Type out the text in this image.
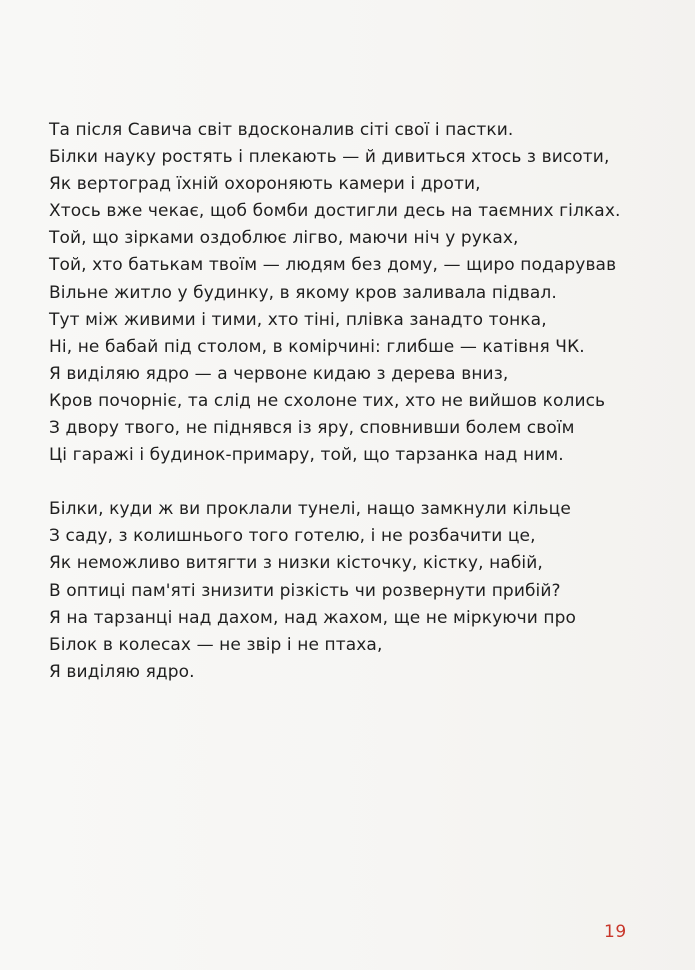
Та після Савича світ вдосконалив сіті свої і пастки.
Білки науку ростять і плекають — й дивиться хтось з висоти,
Як вертоград їхній охороняють камери і дроти,
Хтось вже чекає, щоб бомби достигли десь на таємних гілках.
Той, що зірками оздоблює лігво, маючи ніч у руках,
Той, хто батькам твоїм — людям без дому, — щиро подарував
Вільне житло у будинку, в якому кров заливала підвал.
Тут між живими і тими, хто тіні, плівка занадто тонка,
Ні, не бабай під столом, в комірчині: глибше — катівня ЧК.
Я виділяю ядро — а червоне кидаю з дерева вниз,
Кров почорніє, та слід не схолоне тих, хто не вийшов колись
З двору твого, не піднявся із яру, сповнивши болем своїм
Ці гаражі і будинок-примару, той, що тарзанка над ним.

Білки, куди ж ви проклали тунелі, нащо замкнули кільце
З саду, з колишнього того готелю, і не розбачити це,
Як неможливо витягти з низки кісточку, кістку, набій,
В оптиці пам'яті знизити різкість чи розвернути прибій?
Я на тарзанці над дахом, над жахом, ще не міркуючи про
Білок в колесах — не звір і не птаха,
Я виділяю ядро.

19
